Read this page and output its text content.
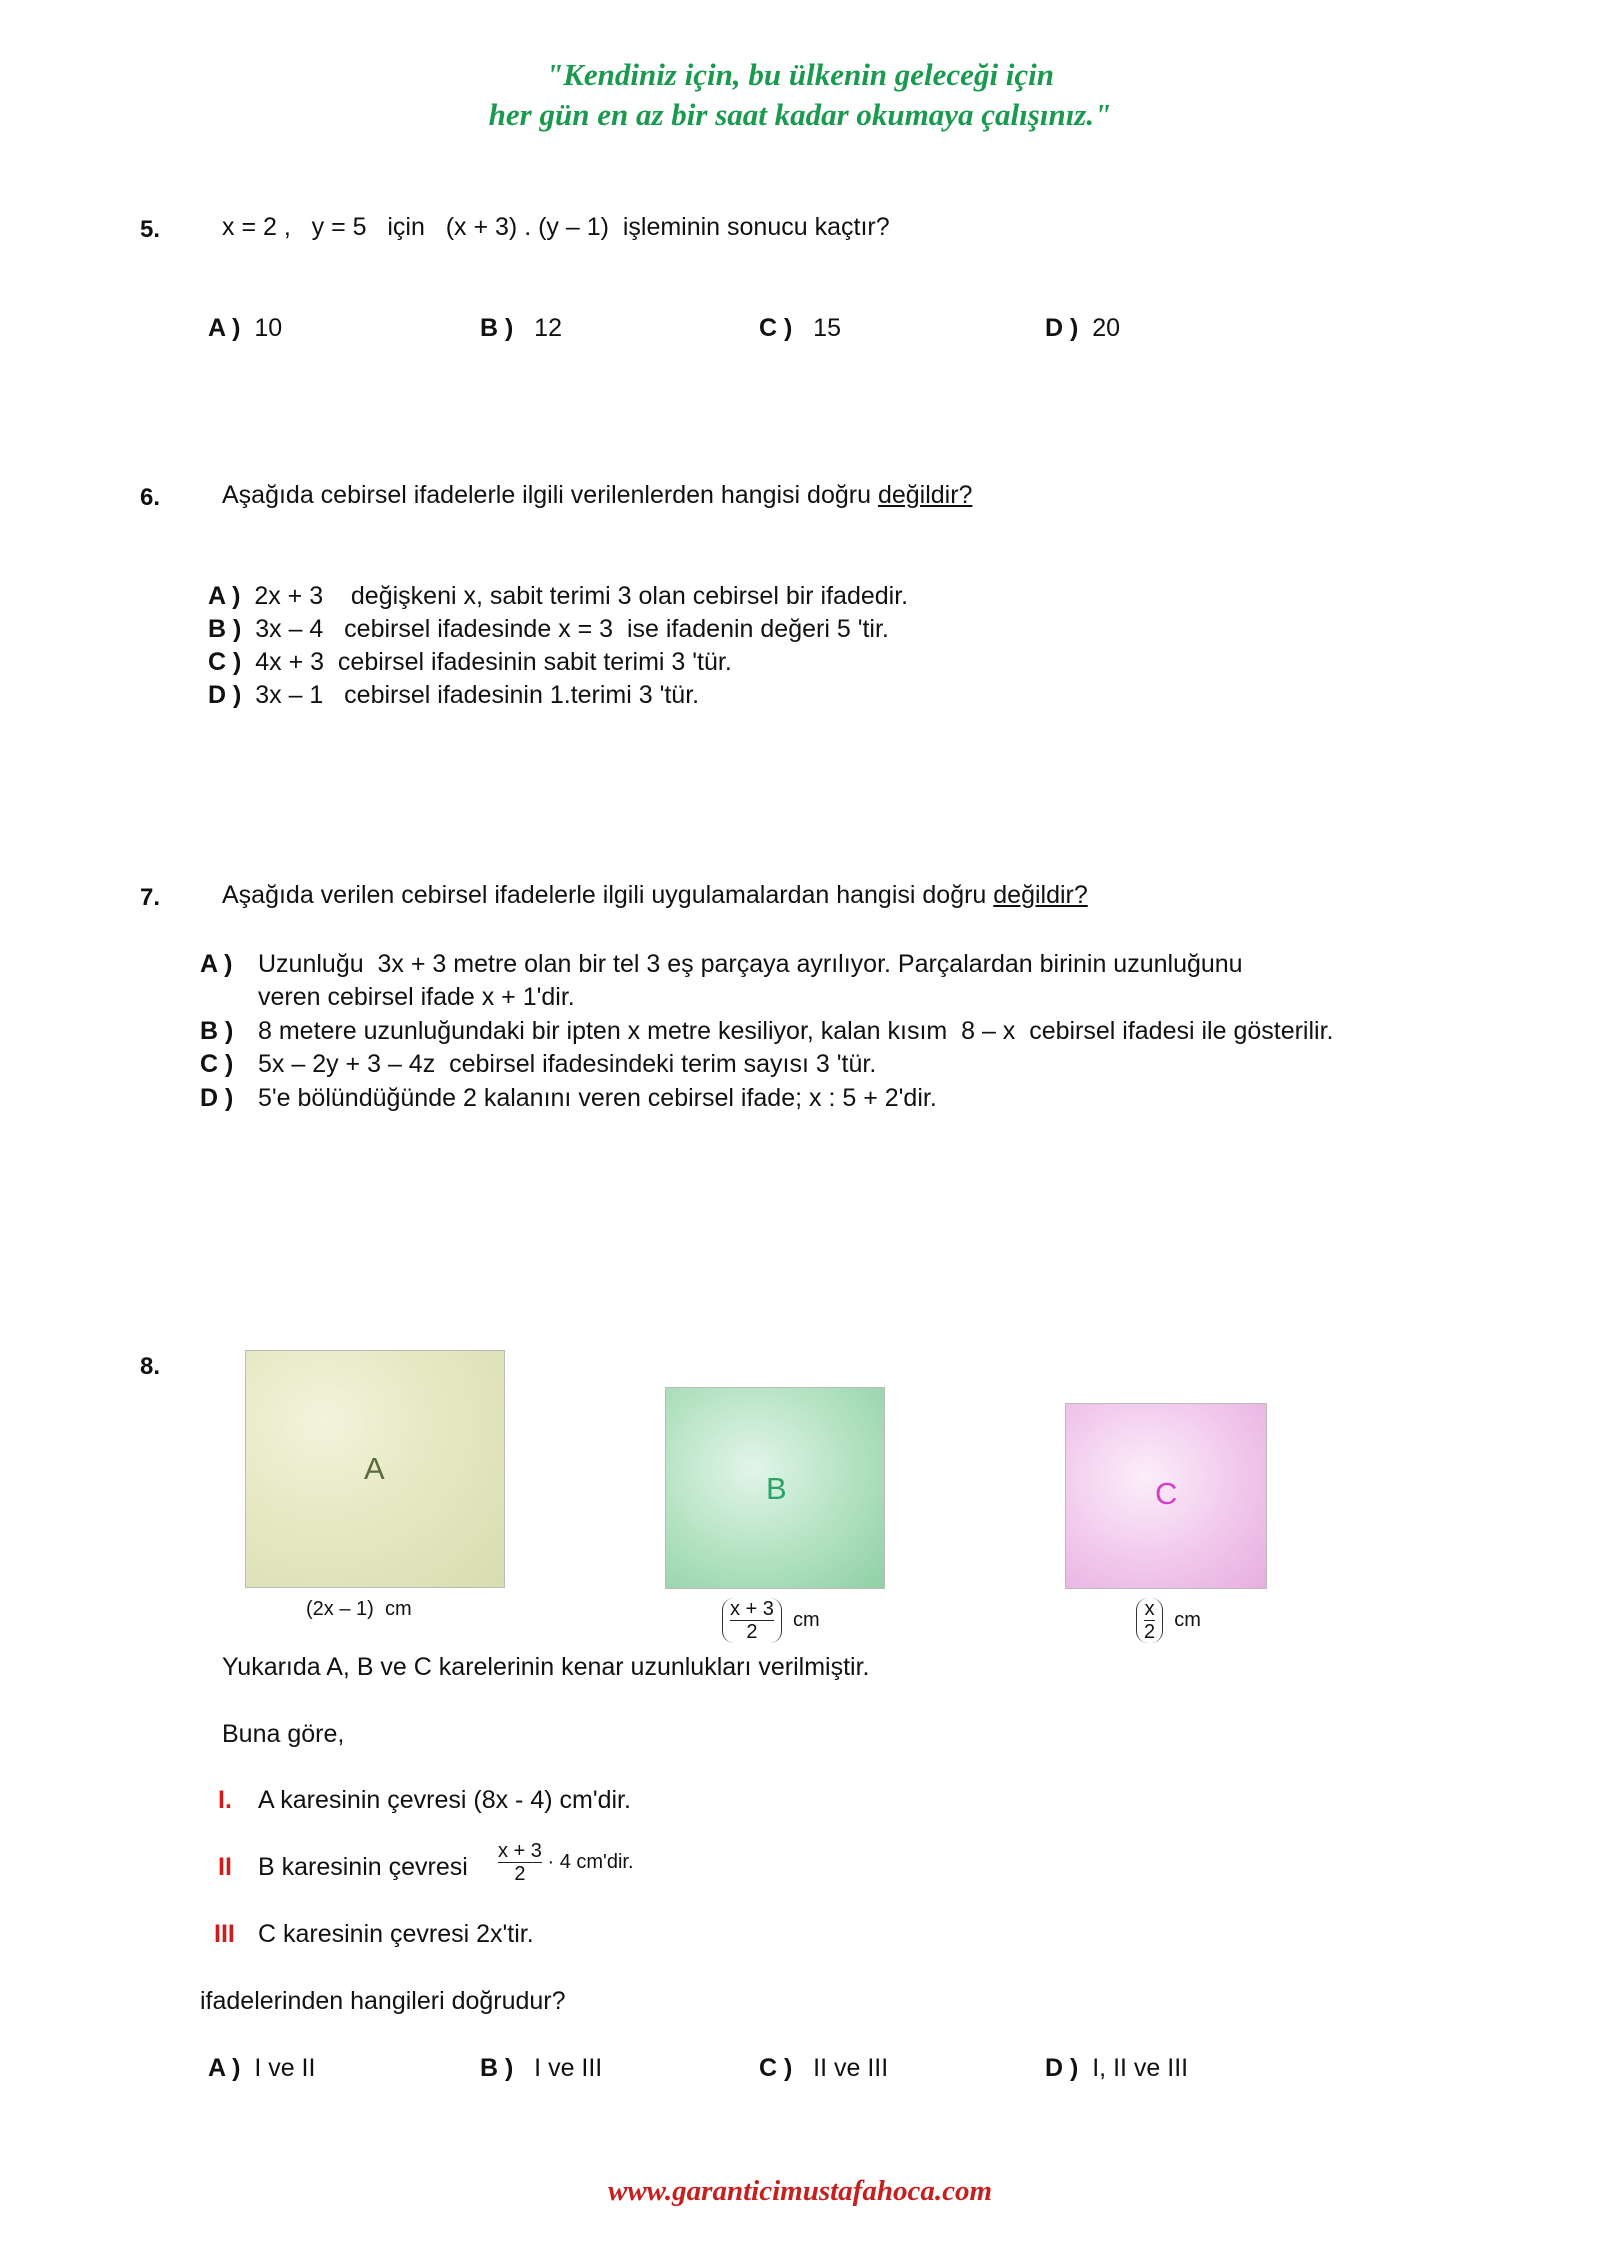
"Kendiniz için, bu ülkenin geleceği için
her gün en az bir saat kadar okumaya çalışınız."
5. x = 2 ,   y = 5   için   (x + 3) . (y – 1)  işleminin sonucu kaçtır?
A ) 10	B ) 12	C ) 15	D ) 20
6. Aşağıda cebirsel ifadelerle ilgili verilenlerden hangisi doğru değildir?
A ) 2x + 3    değişkeni x, sabit terimi 3 olan cebirsel bir ifadedir.
B ) 3x – 4   cebirsel ifadesinde x = 3  ise ifadenin değeri 5 'tir.
C ) 4x + 3  cebirsel ifadesinin sabit terimi 3 'tür.
D ) 3x – 1   cebirsel ifadesinin 1.terimi 3 'tür.
7. Aşağıda verilen cebirsel ifadelerle ilgili uygulamalardan hangisi doğru değildir?
A ) Uzunluğu  3x + 3 metre olan bir tel 3 eş parçaya ayrılıyor. Parçalardan birinin uzunluğunu
veren cebirsel ifade x + 1'dir.
B ) 8 metere uzunluğundaki bir ipten x metre kesiliyor, kalan kısım  8 – x  cebirsel ifadesi ile gösterilir.
C ) 5x – 2y + 3 – 4z  cebirsel ifadesindeki terim sayısı 3 'tür.
D ) 5'e bölündüğünde 2 kalanını veren cebirsel ifade; x : 5 + 2'dir.
8.
A
B	C
(2x – 1) cm	$\frac{x + 3}{2}$ cm	$\frac{x}{2}$ cm
Yukarıda A, B ve C karelerinin kenar uzunlukları verilmiştir.
Buna göre,
I. A karesinin çevresi (8x - 4) cm'dir.
II B karesinin çevresi $\frac{x + 3}{2} \cdot 4$ cm'dir.
III C karesinin çevresi 2x'tir.
ifadelerinden hangileri doğrudur?
A ) I ve II	B ) I ve III	C ) II ve III	D ) I, II ve III
www.garanticimustafahoca.com
